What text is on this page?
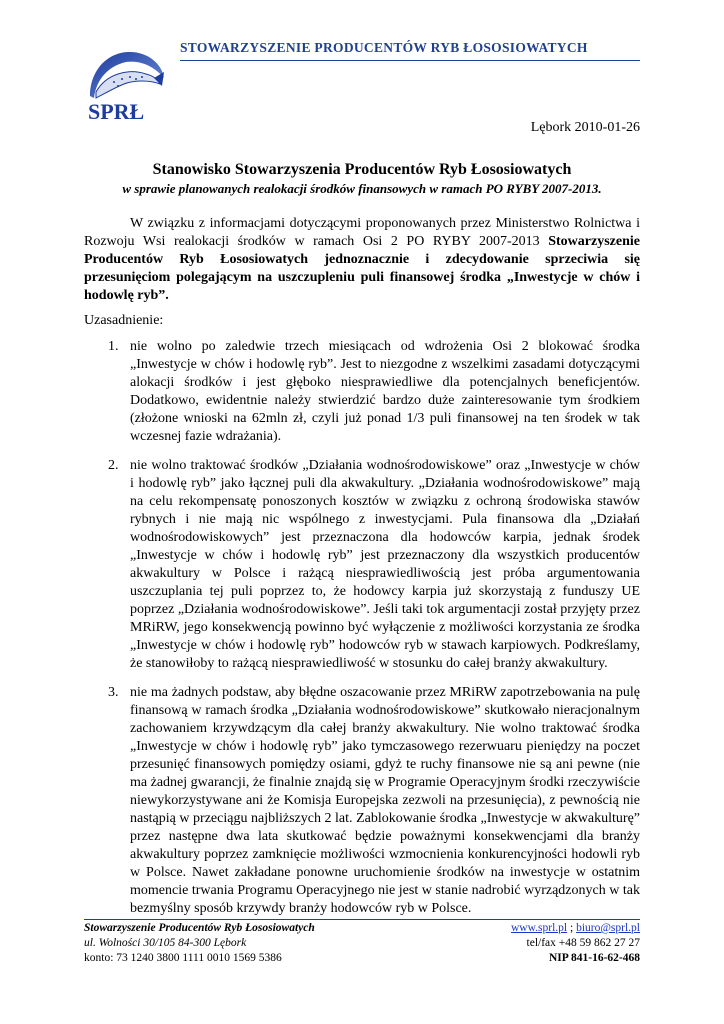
SPRŁ
STOWARZYSZENIE PRODUCENTÓW RYB ŁOSOSIOWATYCH
Lębork 2010-01-26
Stanowisko Stowarzyszenia Producentów Ryb Łososiowatych
w sprawie planowanych realokacji środków finansowych w ramach PO RYBY 2007-2013.

W związku z informacjami dotyczącymi proponowanych przez Ministerstwo Rolnictwa i Rozwoju Wsi realokacji środków w ramach Osi 2 PO RYBY 2007-2013 Stowarzyszenie Producentów Ryb Łososiowatych jednoznacznie i zdecydowanie sprzeciwia się przesunięciom polegającym na uszczupleniu puli finansowej środka „Inwestycje w chów i hodowlę ryb”.

Uzasadnienie:

1. nie wolno po zaledwie trzech miesiącach od wdrożenia Osi 2 blokować środka „Inwestycje w chów i hodowlę ryb”. Jest to niezgodne z wszelkimi zasadami dotyczącymi alokacji środków i jest głęboko niesprawiedliwe dla potencjalnych beneficjentów. Dodatkowo, ewidentnie należy stwierdzić bardzo duże zainteresowanie tym środkiem (złożone wnioski na 62mln zł, czyli już ponad 1/3 puli finansowej na ten środek w tak wczesnej fazie wdrażania).
2. nie wolno traktować środków „Działania wodnośrodowiskowe” oraz „Inwestycje w chów i hodowlę ryb” jako łącznej puli dla akwakultury. „Działania wodnośrodowiskowe” mają na celu rekompensatę ponoszonych kosztów w związku z ochroną środowiska stawów rybnych i nie mają nic wspólnego z inwestycjami. Pula finansowa dla „Działań wodnośrodowiskowych” jest przeznaczona dla hodowców karpia, jednak środek „Inwestycje w chów i hodowlę ryb” jest przeznaczony dla wszystkich producentów akwakultury w Polsce i rażącą niesprawiedliwością jest próba argumentowania uszczuplania tej puli poprzez to, że hodowcy karpia już skorzystają z funduszy UE poprzez „Działania wodnośrodowiskowe”. Jeśli taki tok argumentacji został przyjęty przez MRiRW, jego konsekwencją powinno być wyłączenie z możliwości korzystania ze środka „Inwestycje w chów i hodowlę ryb” hodowców ryb w stawach karpiowych. Podkreślamy, że stanowiłoby to rażącą niesprawiedliwość w stosunku do całej branży akwakultury.
3. nie ma żadnych podstaw, aby błędne oszacowanie przez MRiRW zapotrzebowania na pulę finansową w ramach środka „Działania wodnośrodowiskowe” skutkowało nieracjonalnym zachowaniem krzywdzącym dla całej branży akwakultury. Nie wolno traktować środka „Inwestycje w chów i hodowlę ryb” jako tymczasowego rezerwuaru pieniędzy na poczet przesunięć finansowych pomiędzy osiami, gdyż te ruchy finansowe nie są ani pewne (nie ma żadnej gwarancji, że finalnie znajdą się w Programie Operacyjnym środki rzeczywiście niewykorzystywane ani że Komisja Europejska zezwoli na przesunięcia), z pewnością nie nastąpią w przeciągu najbliższych 2 lat. Zablokowanie środka „Inwestycje w akwakulturę” przez następne dwa lata skutkować będzie poważnymi konsekwencjami dla branży akwakultury poprzez zamknięcie możliwości wzmocnienia konkurencyjności hodowli ryb w Polsce. Nawet zakładane ponowne uruchomienie środków na inwestycje w ostatnim momencie trwania Programu Operacyjnego nie jest w stanie nadrobić wyrządzonych w tak bezmyślny sposób krzywdy branży hodowców ryb w Polsce.
Stowarzyszenie Producentów Ryb Łososiowatych
ul. Wolności 30/105 84-300 Lębork
konto: 73 1240 3800 1111 0010 1569 5386
www.sprl.pl ; biuro@sprl.pl
tel/fax +48 59 862 27 27
NIP 841-16-62-468
